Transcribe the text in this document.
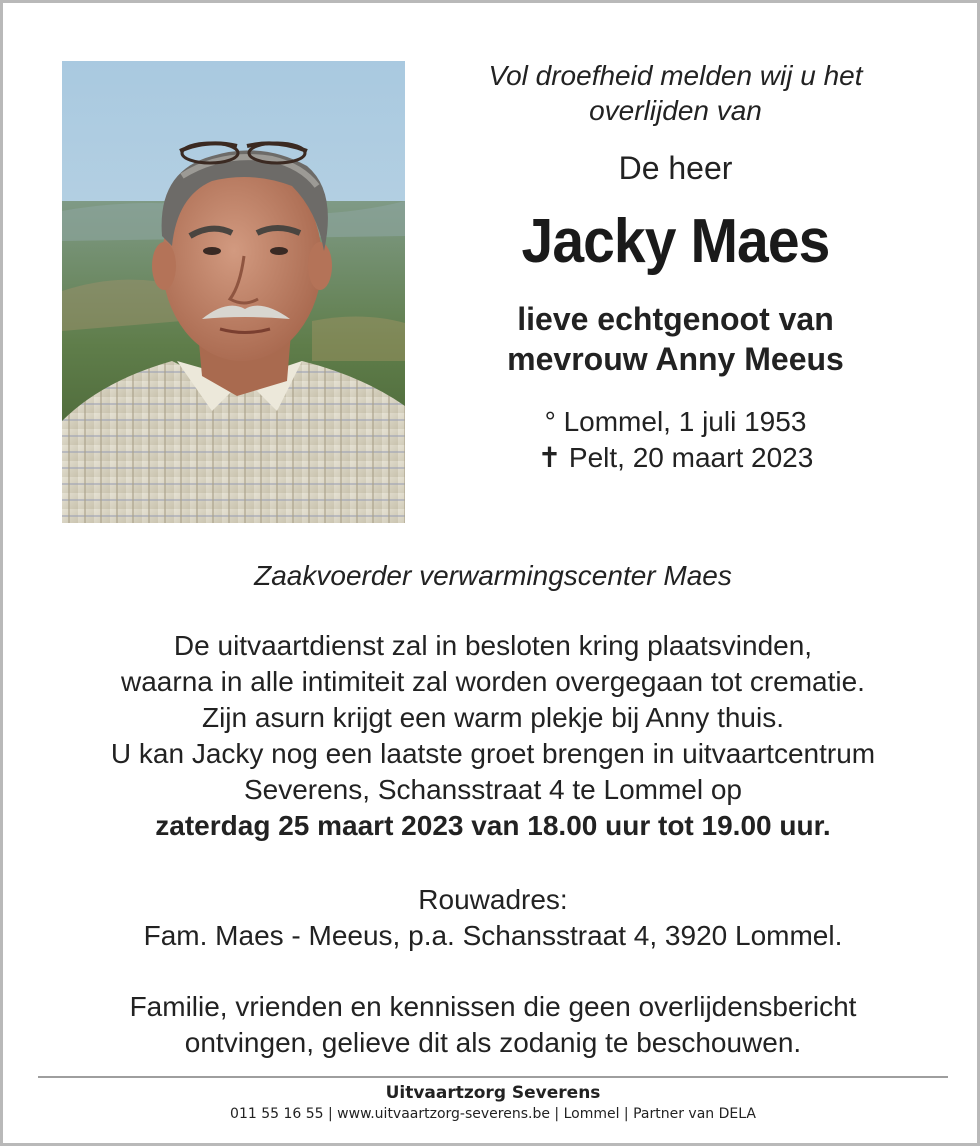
Vol droefheid melden wij u het
overlijden van

De heer

Jacky Maes

lieve echtgenoot van
mevrouw Anny Meeus

° Lommel, 1 juli 1953
✝ Pelt, 20 maart 2023

Zaakvoerder verwarmingscenter Maes
De uitvaartdienst zal in besloten kring plaatsvinden,
waarna in alle intimiteit zal worden overgegaan tot crematie.
Zijn asurn krijgt een warm plekje bij Anny thuis.
U kan Jacky nog een laatste groet brengen in uitvaartcentrum
Severens, Schansstraat 4 te Lommel op
zaterdag 25 maart 2023 van 18.00 uur tot 19.00 uur.
Rouwadres:
Fam. Maes - Meeus, p.a. Schansstraat 4, 3920 Lommel.
Familie, vrienden en kennissen die geen overlijdensbericht
ontvingen, gelieve dit als zodanig te beschouwen.
Uitvaartzorg Severens
011 55 16 55 | www.uitvaartzorg-severens.be | Lommel | Partner van DELA
